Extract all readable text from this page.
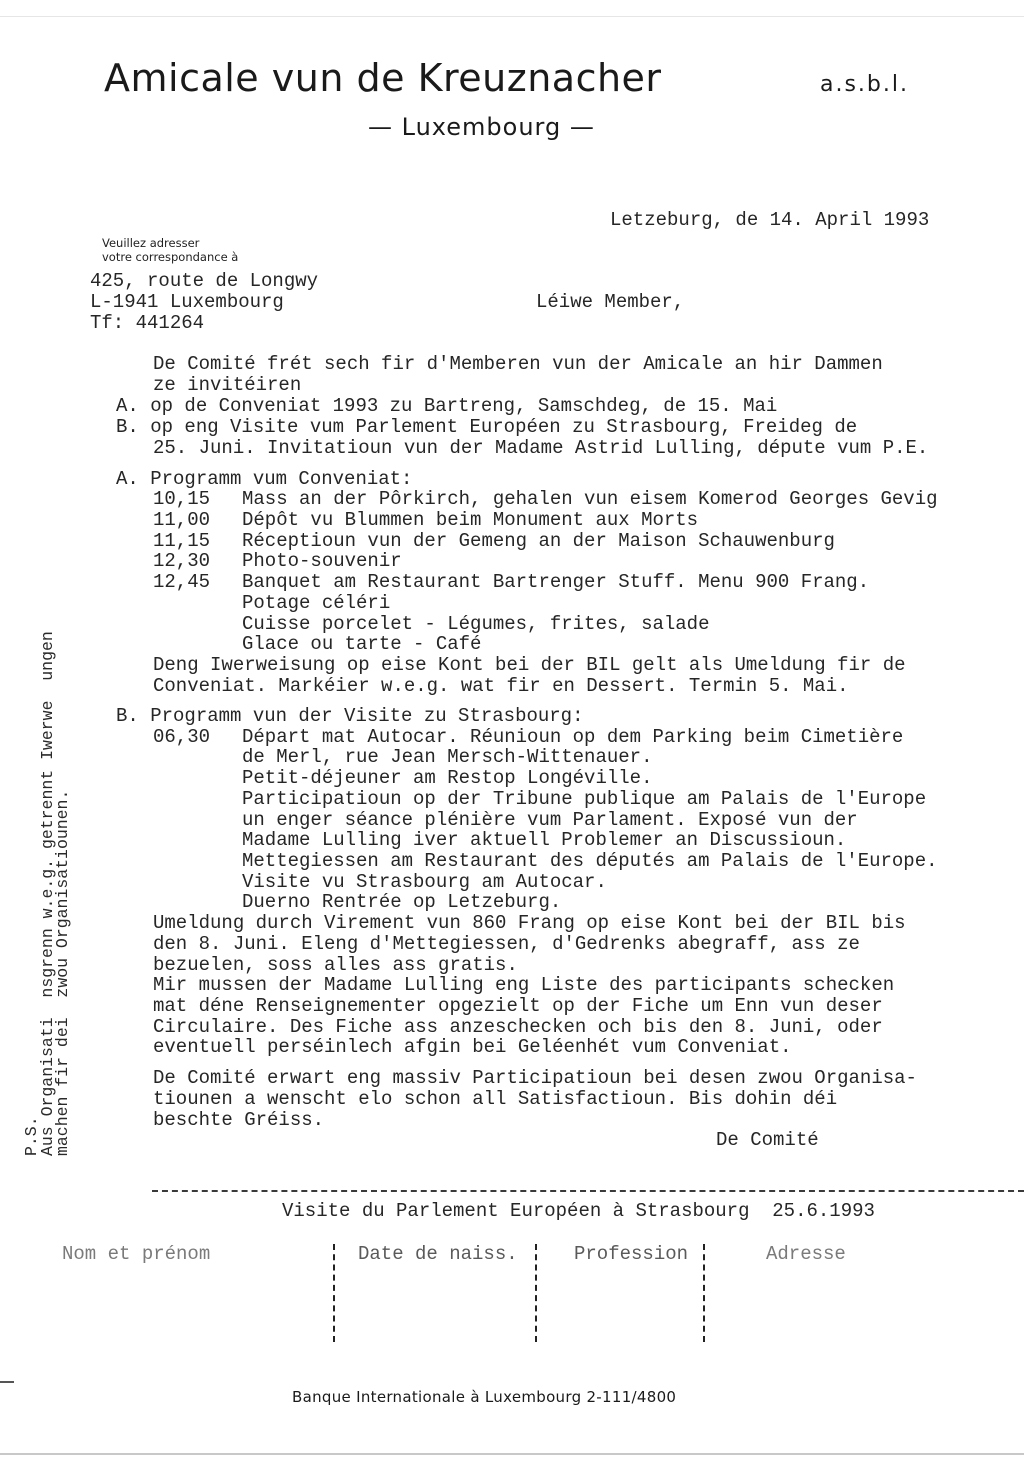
Amicale vun de Kreuznacher	a.s.b.l.
— Luxembourg —
Letzeburg, de 14. April 1993
Veuillez adresser
votre correspondance à
425, route de Longwy
L-1941 Luxembourg
Tf: 441264
Léiwe Member,
De Comité frét sech fir d'Memberen vun der Amicale an hir Dammen
ze invitéiren
A. op de Conveniat 1993 zu Bartreng, Samschdeg, de 15. Mai
B. op eng Visite vum Parlement Européen zu Strasbourg, Freideg de
25. Juni. Invitatioun vun der Madame Astrid Lulling, députe vum P.E.
A. Programm vum Conveniat:
10,15 Mass an der Pôrkirch, gehalen vun eisem Komerod Georges Gevig
11,00 Dépôt vu Blummen beim Monument aux Morts
11,15 Réceptioun vun der Gemeng an der Maison Schauwenburg
12,30 Photo-souvenir
12,45 Banquet am Restaurant Bartrenger Stuff. Menu 900 Frang.
Potage céléri
Cuisse porcelet - Légumes, frites, salade
Glace ou tarte - Café
Deng Iwerweisung op eise Kont bei der BIL gelt als Umeldung fir de
Conveniat. Markéier w.e.g. wat fir en Dessert. Termin 5. Mai.
B. Programm vun der Visite zu Strasbourg:
06,30 Départ mat Autocar. Réunioun op dem Parking beim Cimetière
de Merl, rue Jean Mersch-Wittenauer.
Petit-déjeuner am Restop Longéville.
Participatioun op der Tribune publique am Palais de l'Europe
un enger séance plénière vum Parlament. Exposé vun der
Madame Lulling iver aktuell Problemer an Discussioun.
Mettegiessen am Restaurant des députés am Palais de l'Europe.
Visite vu Strasbourg am Autocar.
Duerno Rentrée op Letzeburg.
Umeldung durch Virement vun 860 Frang op eise Kont bei der BIL bis
den 8. Juni. Eleng d'Mettegiessen, d'Gedrenks abegraff, ass ze
bezuelen, soss alles ass gratis.
Mir mussen der Madame Lulling eng Liste des participants schecken
mat déne Renseignementer opgezielt op der Fiche um Enn vun deser
Circulaire. Des Fiche ass anzeschecken och bis den 8. Juni, oder
eventuell perséinlech afgin bei Geléenhét vum Conveniat.
De Comité erwart eng massiv Participatioun bei desen zwou Organisa-
tiounen a wenscht elo schon all Satisfactioun. Bis dohin déi
beschte Gréiss.
De Comité
P.S.
Aus Organisati  nsgrenn w.e.g. getrennt Iwerwe  ungen
machen fir dei  zwou Organisatiounen.
Visite du Parlement Européen à Strasbourg  25.6.1993
Nom et prénom	Date de naiss.	Profession	Adresse
Banque Internationale à Luxembourg 2-111/4800
